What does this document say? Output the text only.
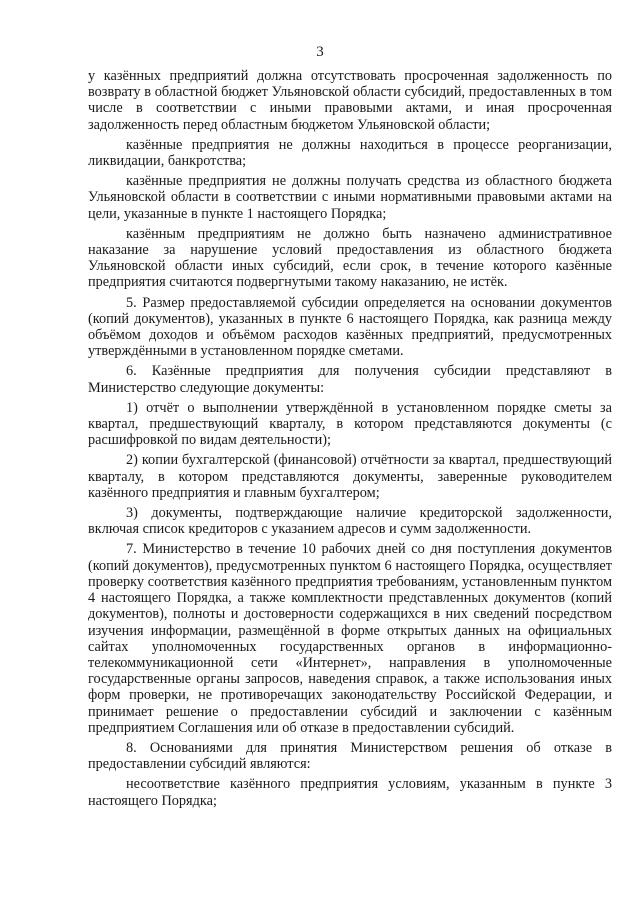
3

у казённых предприятий должна отсутствовать просроченная задолженность по возврату в областной бюджет Ульяновской области субсидий, предоставленных в том числе в соответствии с иными правовыми актами, и иная просроченная задолженность перед областным бюджетом Ульяновской области;

казённые предприятия не должны находиться в процессе реорганизации, ликвидации, банкротства;

казённые предприятия не должны получать средства из областного бюджета Ульяновской области в соответствии с иными нормативными правовыми актами на цели, указанные в пункте 1 настоящего Порядка;

казённым предприятиям не должно быть назначено административное наказание за нарушение условий предоставления из областного бюджета Ульяновской области иных субсидий, если срок, в течение которого казённые предприятия считаются подвергнутыми такому наказанию, не истёк.

5. Размер предоставляемой субсидии определяется на основании документов (копий документов), указанных в пункте 6 настоящего Порядка, как разница между объёмом доходов и объёмом расходов казённых предприятий, предусмотренных утверждёнными в установленном порядке сметами.

6. Казённые предприятия для получения субсидии представляют в Министерство следующие документы:

1) отчёт о выполнении утверждённой в установленном порядке сметы за квартал, предшествующий кварталу, в котором представляются документы (с расшифровкой по видам деятельности);

2) копии бухгалтерской (финансовой) отчётности за квартал, предшествующий кварталу, в котором представляются документы, заверенные руководителем казённого предприятия и главным бухгалтером;

3) документы, подтверждающие наличие кредиторской задолженности, включая список кредиторов с указанием адресов и сумм задолженности.

7. Министерство в течение 10 рабочих дней со дня поступления документов (копий документов), предусмотренных пунктом 6 настоящего Порядка, осуществляет проверку соответствия казённого предприятия требованиям, установленным пунктом 4 настоящего Порядка, а также комплектности представленных документов (копий документов), полноты и достоверности содержащихся в них сведений посредством изучения информации, размещённой в форме открытых данных на официальных сайтах уполномоченных государственных органов в информационно-телекоммуникационной сети «Интернет», направления в уполномоченные государственные органы запросов, наведения справок, а также использования иных форм проверки, не противоречащих законодательству Российской Федерации, и принимает решение о предоставлении субсидий и заключении с казённым предприятием Соглашения или об отказе в предоставлении субсидий.

8. Основаниями для принятия Министерством решения об отказе в предоставлении субсидий являются:

несоответствие казённого предприятия условиям, указанным в пункте 3 настоящего Порядка;
